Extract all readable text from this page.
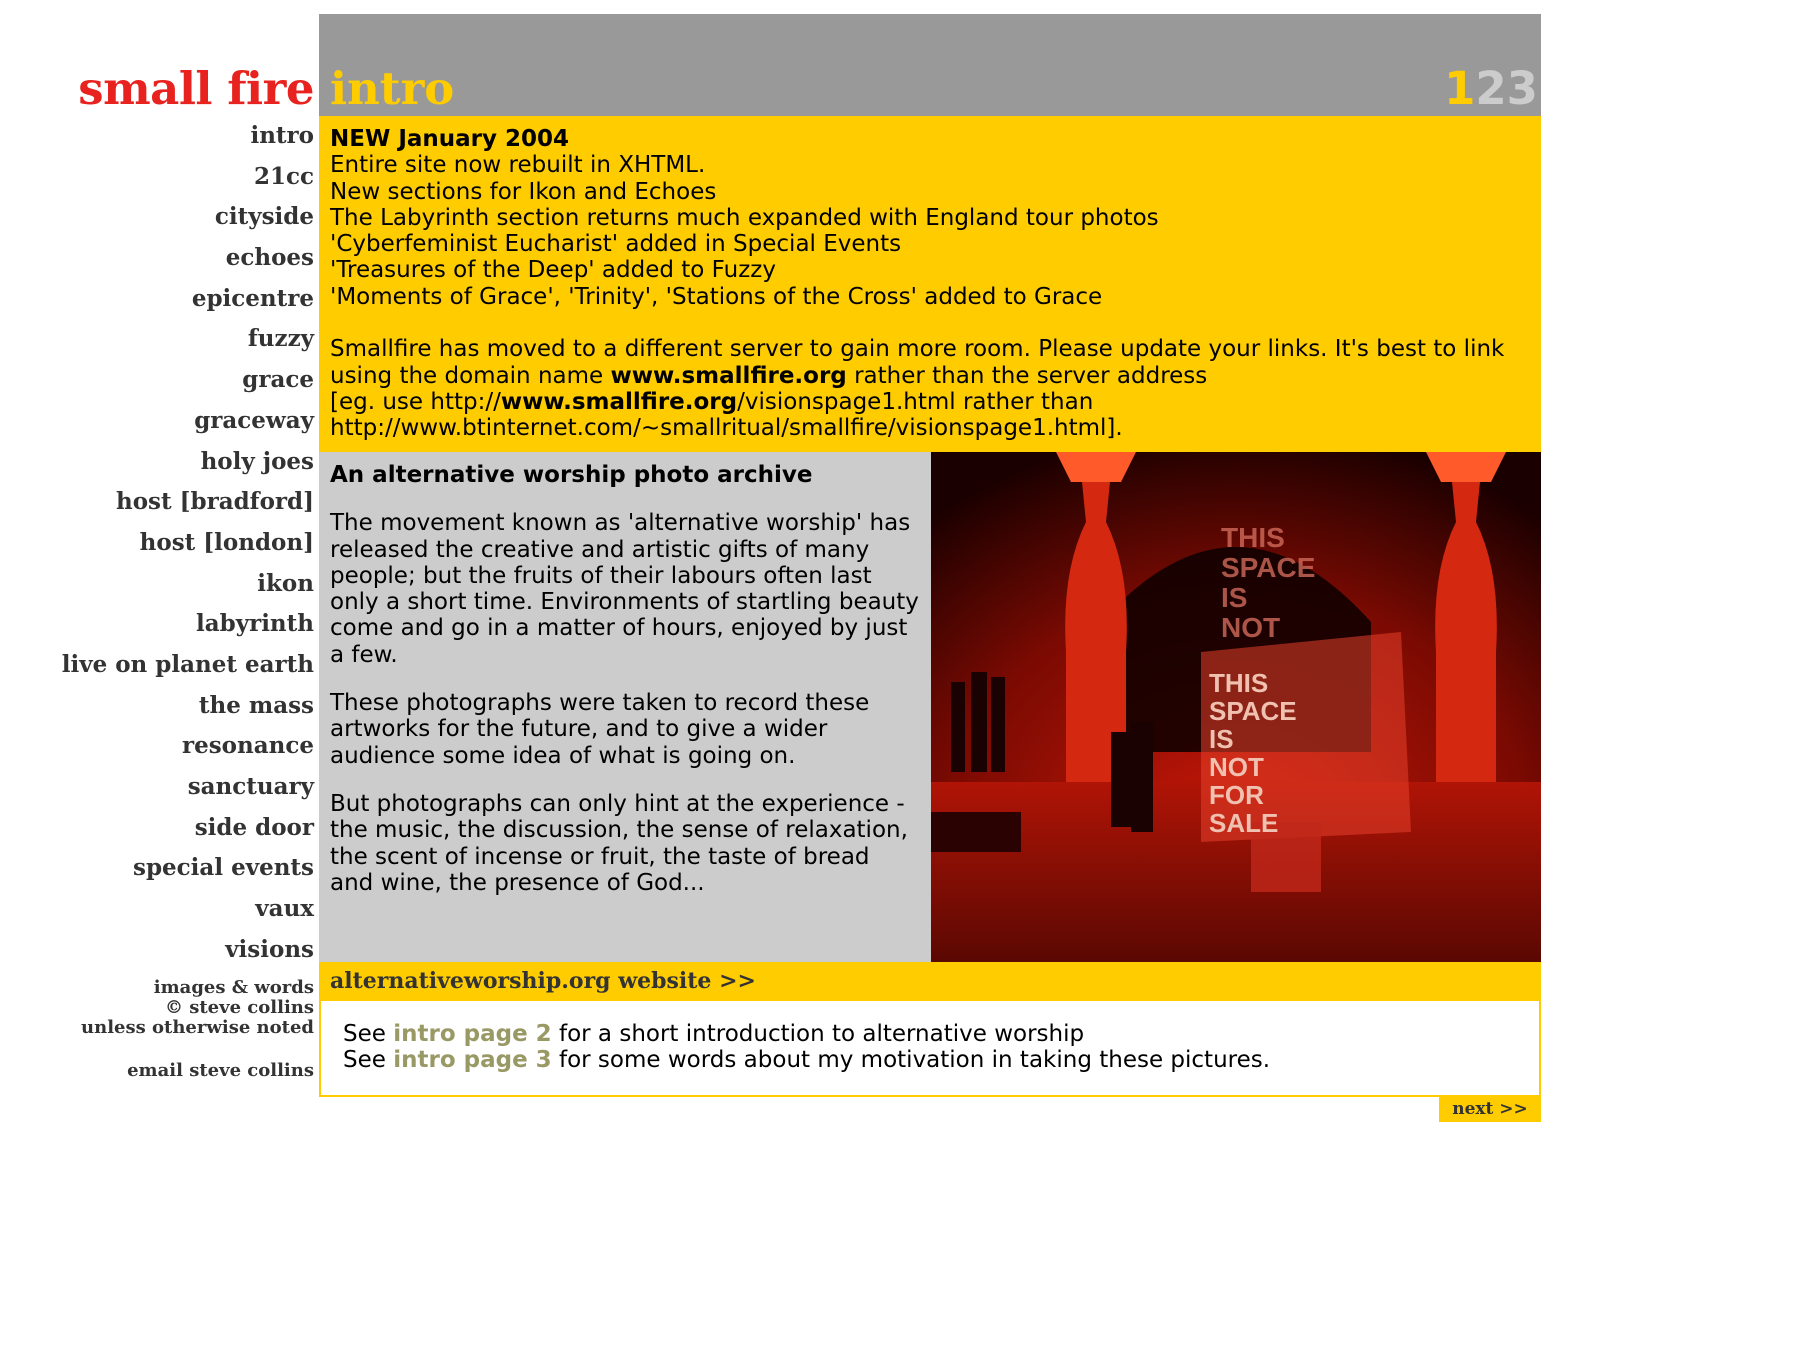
small fire intro	123
intro
21cc
cityside
echoes
epicentre
fuzzy
grace
graceway
holy joes
host [bradford]
host [london]
ikon
labyrinth
live on planet earth
the mass
resonance
sanctuary
side door
special events
vaux
visions
images & words
© steve collins
unless otherwise noted
email steve collins
NEW January 2004
Entire site now rebuilt in XHTML.
New sections for Ikon and Echoes
The Labyrinth section returns much expanded with England tour photos
'Cyberfeminist Eucharist' added in Special Events
'Treasures of the Deep' added to Fuzzy
'Moments of Grace', 'Trinity', 'Stations of the Cross' added to Grace
Smallfire has moved to a different server to gain more room. Please update your links. It's best to link
using the domain name www.smallfire.org rather than the server address
[eg. use http://www.smallfire.org/visionspage1.html rather than
http://www.btinternet.com/~smallritual/smallfire/visionspage1.html].
An alternative worship photo archive

The movement known as 'alternative worship' has released the creative and artistic gifts of many people; but the fruits of their labours often last only a short time. Environments of startling beauty come and go in a matter of hours, enjoyed by just a few.

These photographs were taken to record these artworks for the future, and to give a wider audience some idea of what is going on.

But photographs can only hint at the experience - the music, the discussion, the sense of relaxation, the scent of incense or fruit, the taste of bread and wine, the presence of God...

THIS
SPACE
IS
NOT
THIS
SPACE
IS
NOT
FOR
SALE
alternativeworship.org website >>
See intro page 2 for a short introduction to alternative worship
See intro page 3 for some words about my motivation in taking these pictures.
next >>
